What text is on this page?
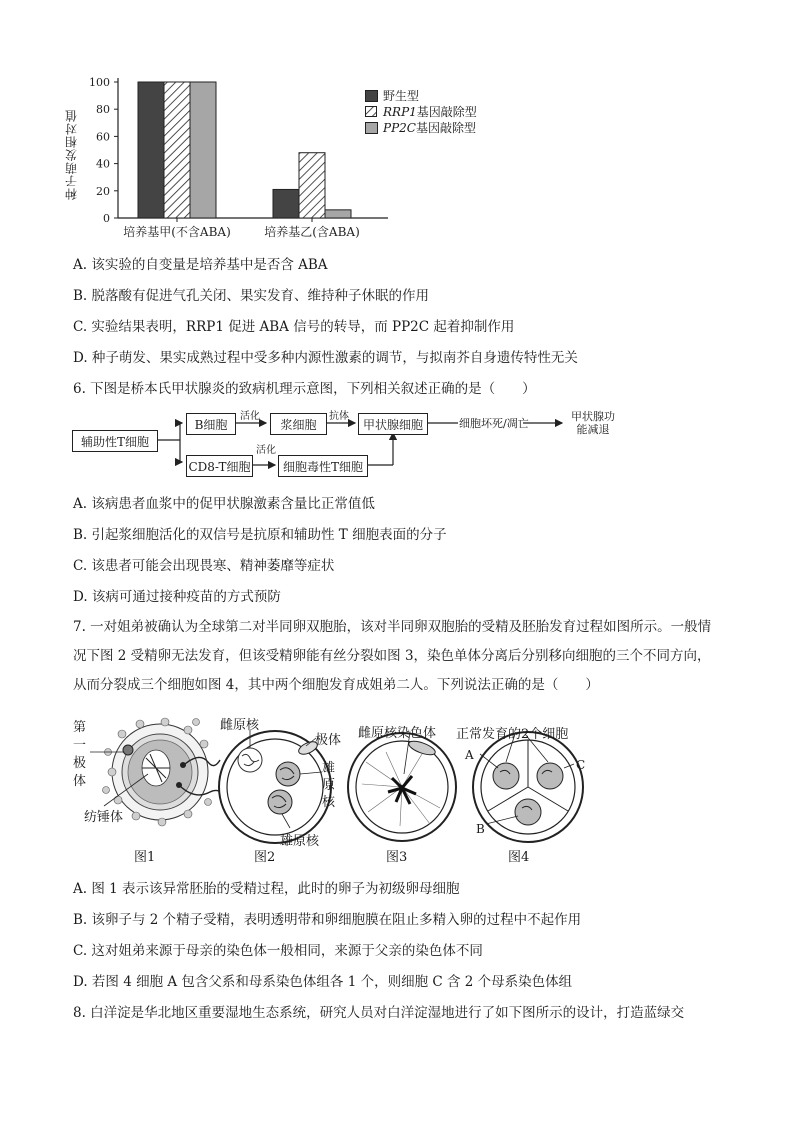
0
20
40
60
80
100
培养基甲(不含ABA)	培养基乙(含ABA)
种子萌发相对值
野生型
RRP1基因敲除型
PP2C基因敲除型
A. 该实验的自变量是培养基中是否含 ABA
B. 脱落酸有促进气孔关闭、果实发育、维持种子休眠的作用
C. 实验结果表明，RRP1 促进 ABA 信号的转导，而 PP2C 起着抑制作用
D. 种子萌发、果实成熟过程中受多种内源性激素的调节，与拟南芥自身遗传特性无关
6. 下图是桥本氏甲状腺炎的致病机理示意图，下列相关叙述正确的是（　　）
辅助性T细胞
B细胞	浆细胞	甲状腺细胞
CD8-T细胞	细胞毒性T细胞
活化	抗体
活化
细胞坏死/凋亡
甲状腺功能减退
A. 该病患者血浆中的促甲状腺激素含量比正常值低
B. 引起浆细胞活化的双信号是抗原和辅助性 T 细胞表面的分子
C. 该患者可能会出现畏寒、精神萎靡等症状
D. 该病可通过接种疫苗的方式预防
7. 一对姐弟被确认为全球第二对半同卵双胞胎，该对半同卵双胞胎的受精及胚胎发育过程如图所示。一般情况下图 2 受精卵无法发育，但该受精卵能有丝分裂如图 3，染色单体分离后分别移向细胞的三个不同方向，从而分裂成三个细胞如图 4，其中两个细胞发育成姐弟二人。下列说法正确的是（　　）
第一极体
纺锤体
雌原核
极体
雄原核
雄原核
雌原核染色体 正常发育的2个细胞
A
C
B
图1	图2	图3	图4
A. 图 1 表示该异常胚胎的受精过程，此时的卵子为初级卵母细胞
B. 该卵子与 2 个精子受精，表明透明带和卵细胞膜在阻止多精入卵的过程中不起作用
C. 这对姐弟来源于母亲的染色体一般相同，来源于父亲的染色体不同
D. 若图 4 细胞 A 包含父系和母系染色体组各 1 个，则细胞 C 含 2 个母系染色体组
8. 白洋淀是华北地区重要湿地生态系统，研究人员对白洋淀湿地进行了如下图所示的设计，打造蓝绿交
